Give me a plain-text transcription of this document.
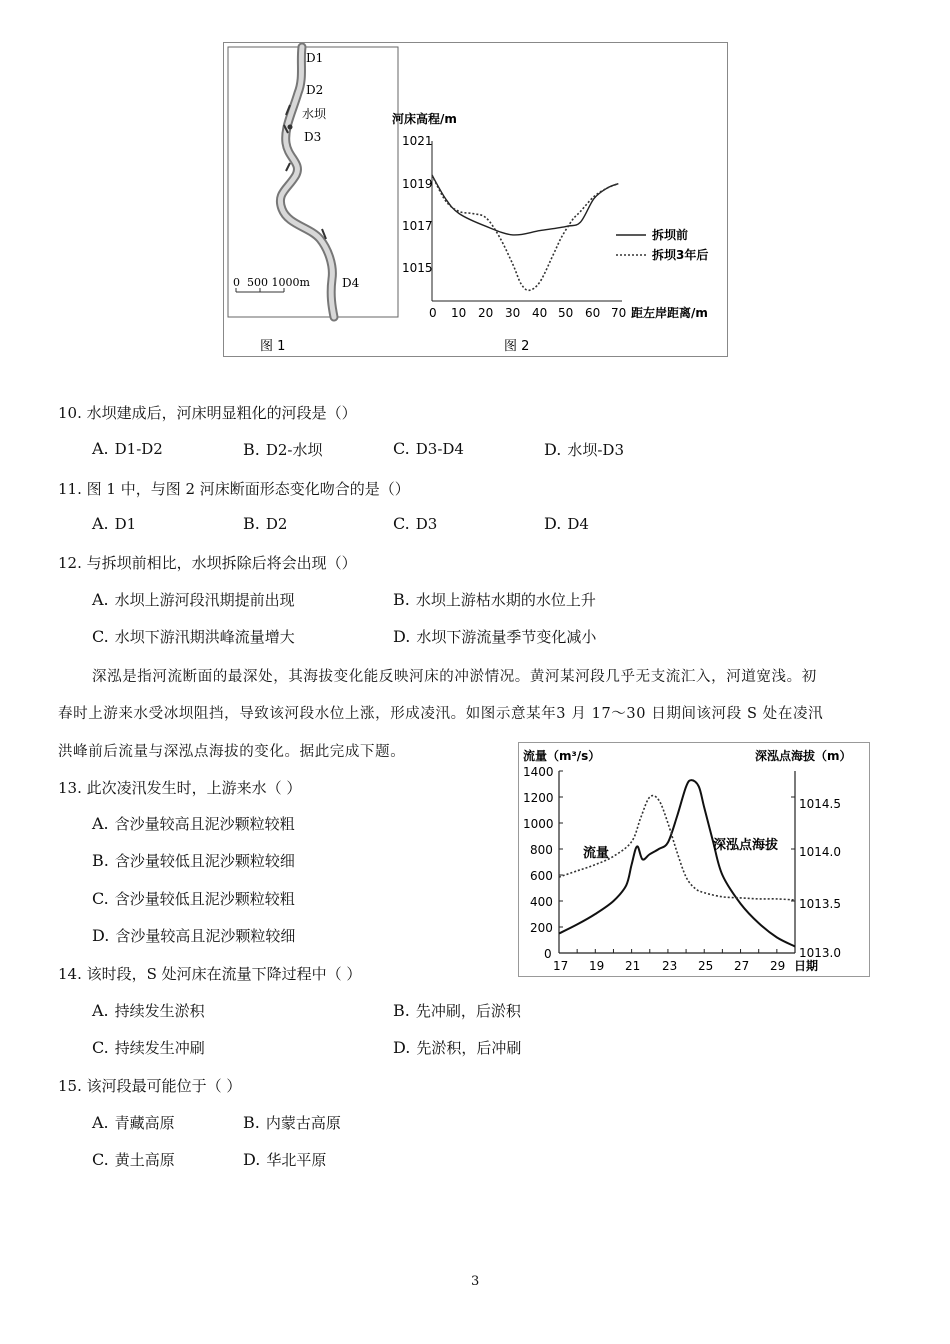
D1
D2
水坝
D3
D4
0  500 1000m
图 1
河床高程/m
1021
1019
1017
1015
0 10 20 30 40 50 60 70 距左岸距离/m
拆坝前
拆坝3年后
图 2
10. 水坝建成后，河床明显粗化的河段是（）
A. D1-D2	B. D2-水坝	C. D3-D4	D. 水坝-D3
11. 图 1 中，与图 2 河床断面形态变化吻合的是（）
A. D1	B. D2	C. D3	D. D4
12. 与拆坝前相比，水坝拆除后将会出现（）
A. 水坝上游河段汛期提前出现	B. 水坝上游枯水期的水位上升
C. 水坝下游汛期洪峰流量增大	D. 水坝下游流量季节变化减小
深泓是指河流断面的最深处，其海拔变化能反映河床的冲淤情况。黄河某河段几乎无支流汇入，河道宽浅。初
春时上游来水受冰坝阻挡，导致该河段水位上涨，形成凌汛。如图示意某年3 月 17～30 日期间该河段 S 处在凌汛
洪峰前后流量与深泓点海拔的变化。据此完成下题。
13. 此次凌汛发生时，上游来水（ ）
A. 含沙量较高且泥沙颗粒较粗
B. 含沙量较低且泥沙颗粒较细
C. 含沙量较低且泥沙颗粒较粗
D. 含沙量较高且泥沙颗粒较细
14. 该时段，S 处河床在流量下降过程中（ ）
A. 持续发生淤积	B. 先冲刷，后淤积
C. 持续发生冲刷	D. 先淤积，后冲刷
15. 该河段最可能位于（ ）
A. 青藏高原	B. 内蒙古高原
C. 黄土高原	D. 华北平原
流量（m³/s）	深泓点海拔（m）
1400
1200
1000
800
600
400
200
0
1014.5
1014.0
1013.5
1013.0
17 19 21 23 25 27 29 日期
流量
深泓点海拔
3
